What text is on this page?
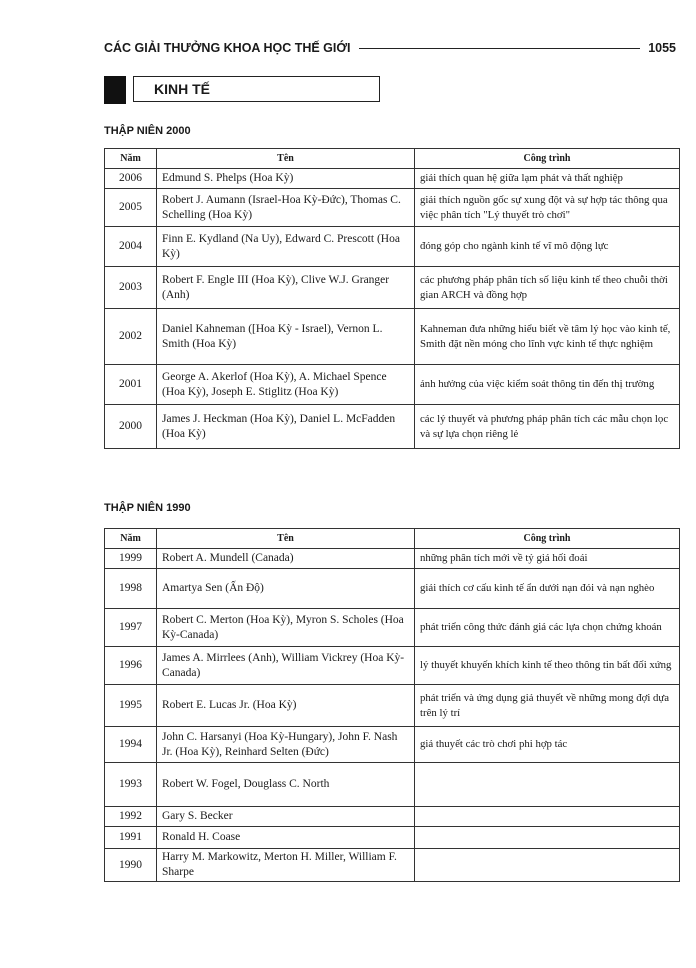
CÁC GIẢI THƯỞNG KHOA HỌC THẾ GIỚI	1055
KINH TẾ
THẬP NIÊN 2000
Năm	Tên	Công trình
2006	Edmund S. Phelps (Hoa Kỳ)	giải thích quan hệ giữa lạm phát và thất nghiệp
2005	Robert J. Aumann (Israel-Hoa Kỳ-Đức), Thomas C. Schelling (Hoa Kỳ)	giải thích nguồn gốc sự xung đột và sự hợp tác thông qua việc phân tích "Lý thuyết trò chơi"
2004	Finn E. Kydland (Na Uy), Edward C. Prescott (Hoa Kỳ)	đóng góp cho ngành kinh tế vĩ mô động lực
2003	Robert F. Engle III (Hoa Kỳ), Clive W.J. Granger (Anh)	các phương pháp phân tích số liệu kinh tế theo chuỗi thời gian ARCH và đồng hợp
2002	Daniel Kahneman ([Hoa Kỳ - Israel), Vernon L. Smith (Hoa Kỳ)	Kahneman đưa những hiểu biết về tâm lý học vào kinh tế, Smith đặt nền móng cho lĩnh vực kinh tế thực nghiệm
2001	George A. Akerlof (Hoa Kỳ), A. Michael Spence (Hoa Kỳ), Joseph E. Stiglitz (Hoa Kỳ)	ảnh hưởng của việc kiểm soát thông tin đến thị trường
2000	James J. Heckman (Hoa Kỳ), Daniel L. McFadden (Hoa Kỳ)	các lý thuyết và phương pháp phân tích các mẫu chọn lọc và sự lựa chọn riêng lẻ
THẬP NIÊN 1990
Năm	Tên	Công trình
1999	Robert A. Mundell (Canada)	những phân tích mới về tỷ giá hối đoái
1998	Amartya Sen (Ấn Độ)	giải thích cơ cấu kinh tế ẩn dưới nạn đói và nạn nghèo
1997	Robert C. Merton (Hoa Kỳ), Myron S. Scholes (Hoa Kỳ-Canada)	phát triển công thức đánh giá các lựa chọn chứng khoán
1996	James A. Mirrlees (Anh), William Vickrey (Hoa Kỳ-Canada)	lý thuyết khuyến khích kinh tế theo thông tin bất đối xứng
1995	Robert E. Lucas Jr. (Hoa Kỳ)	phát triển và ứng dụng giả thuyết về những mong đợi dựa trên lý trí
1994	John C. Harsanyi (Hoa Kỳ-Hungary), John F. Nash Jr. (Hoa Kỳ), Reinhard Selten (Đức)	giả thuyết các trò chơi phi hợp tác
1993	Robert W. Fogel, Douglass C. North	
1992	Gary S. Becker	
1991	Ronald H. Coase	
1990	Harry M. Markowitz, Merton H. Miller, William F. Sharpe	
